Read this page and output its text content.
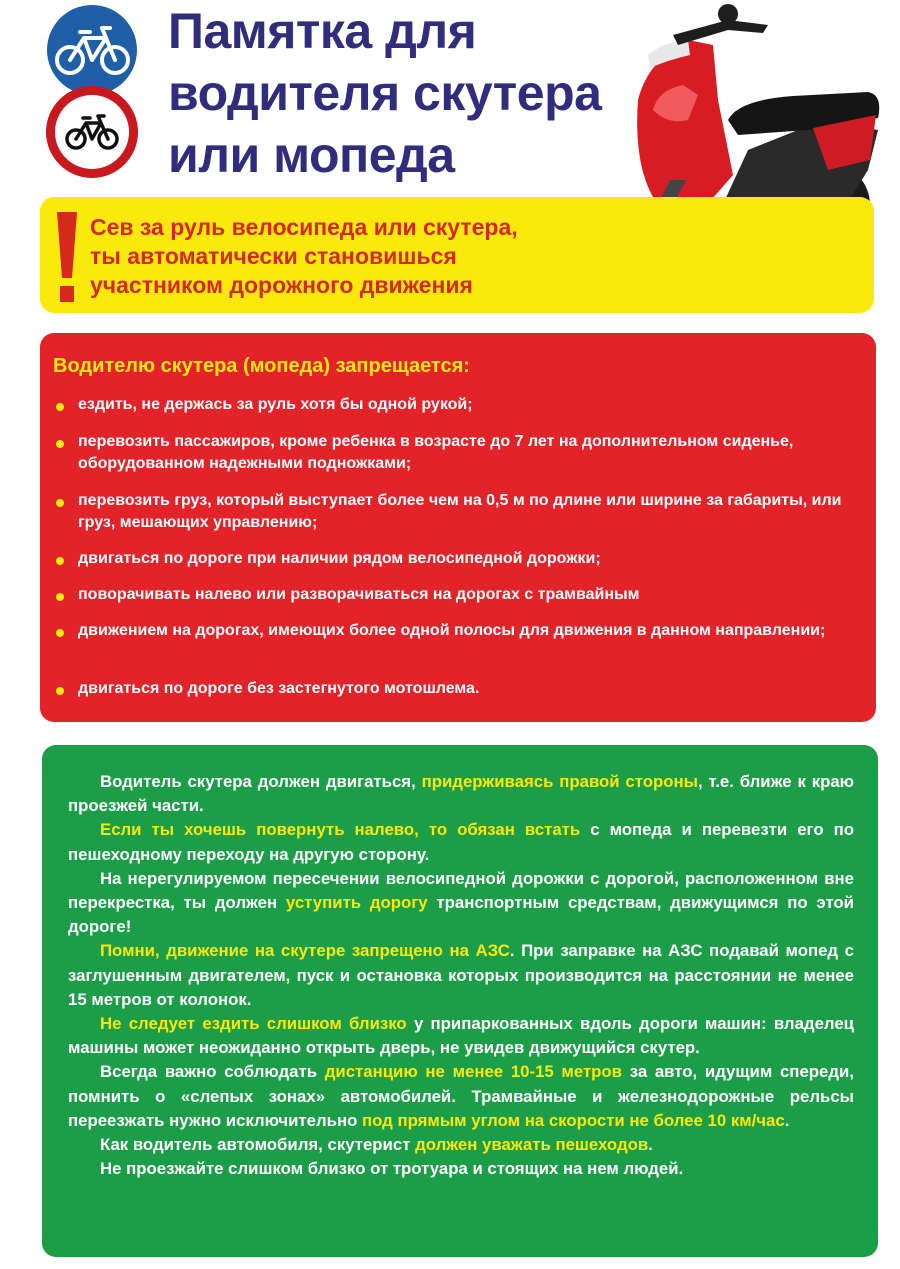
Памятка для
водителя скутера
или мопеда
Сев за руль велосипеда или скутера,
ты автоматически становишься
участником дорожного движения
Водителю скутера (мопеда) запрещается:
ездить, не держась за руль хотя бы одной рукой;
перевозить пассажиров, кроме ребенка в возрасте до 7 лет на дополнительном сиденье, оборудованном надежными подножками;
перевозить груз, который выступает более чем на 0,5 м по длине или ширине за габариты, или груз, мешающих управлению;
двигаться по дороге при наличии рядом велосипедной дорожки;
поворачивать налево или разворачиваться на дорогах с трамвайным
движением на дорогах, имеющих более одной полосы для движения в данном направлении;
двигаться по дороге без застегнутого мотошлема.

Водитель скутера должен двигаться, придерживаясь правой стороны, т.е. ближе к краю проезжей части.

Если ты хочешь повернуть налево, то обязан встать с мопеда и перевезти его по пешеходному переходу на другую сторону.

На нерегулируемом пересечении велосипедной дорожки с дорогой, расположенном вне перекрестка, ты должен уступить дорогу транспортным средствам, движущимся по этой дороге!

Помни, движение на скутере запрещено на АЗС. При заправке на АЗС подавай мопед с заглушенным двигателем, пуск и остановка которых производится на расстоянии не менее 15 метров от колонок.

Не следует ездить слишком близко у припаркованных вдоль дороги машин: владелец машины может неожиданно открыть дверь, не увидев движущийся скутер.

Всегда важно соблюдать дистанцию не менее 10-15 метров за авто, идущим спереди, помнить о «слепых зонах» автомобилей. Трамвайные и железнодорожные рельсы переезжать нужно исключительно под прямым углом на скорости не более 10 км/час.

Как водитель автомобиля, скутерист должен уважать пешеходов.

Не проезжайте слишком близко от тротуара и стоящих на нем людей.
